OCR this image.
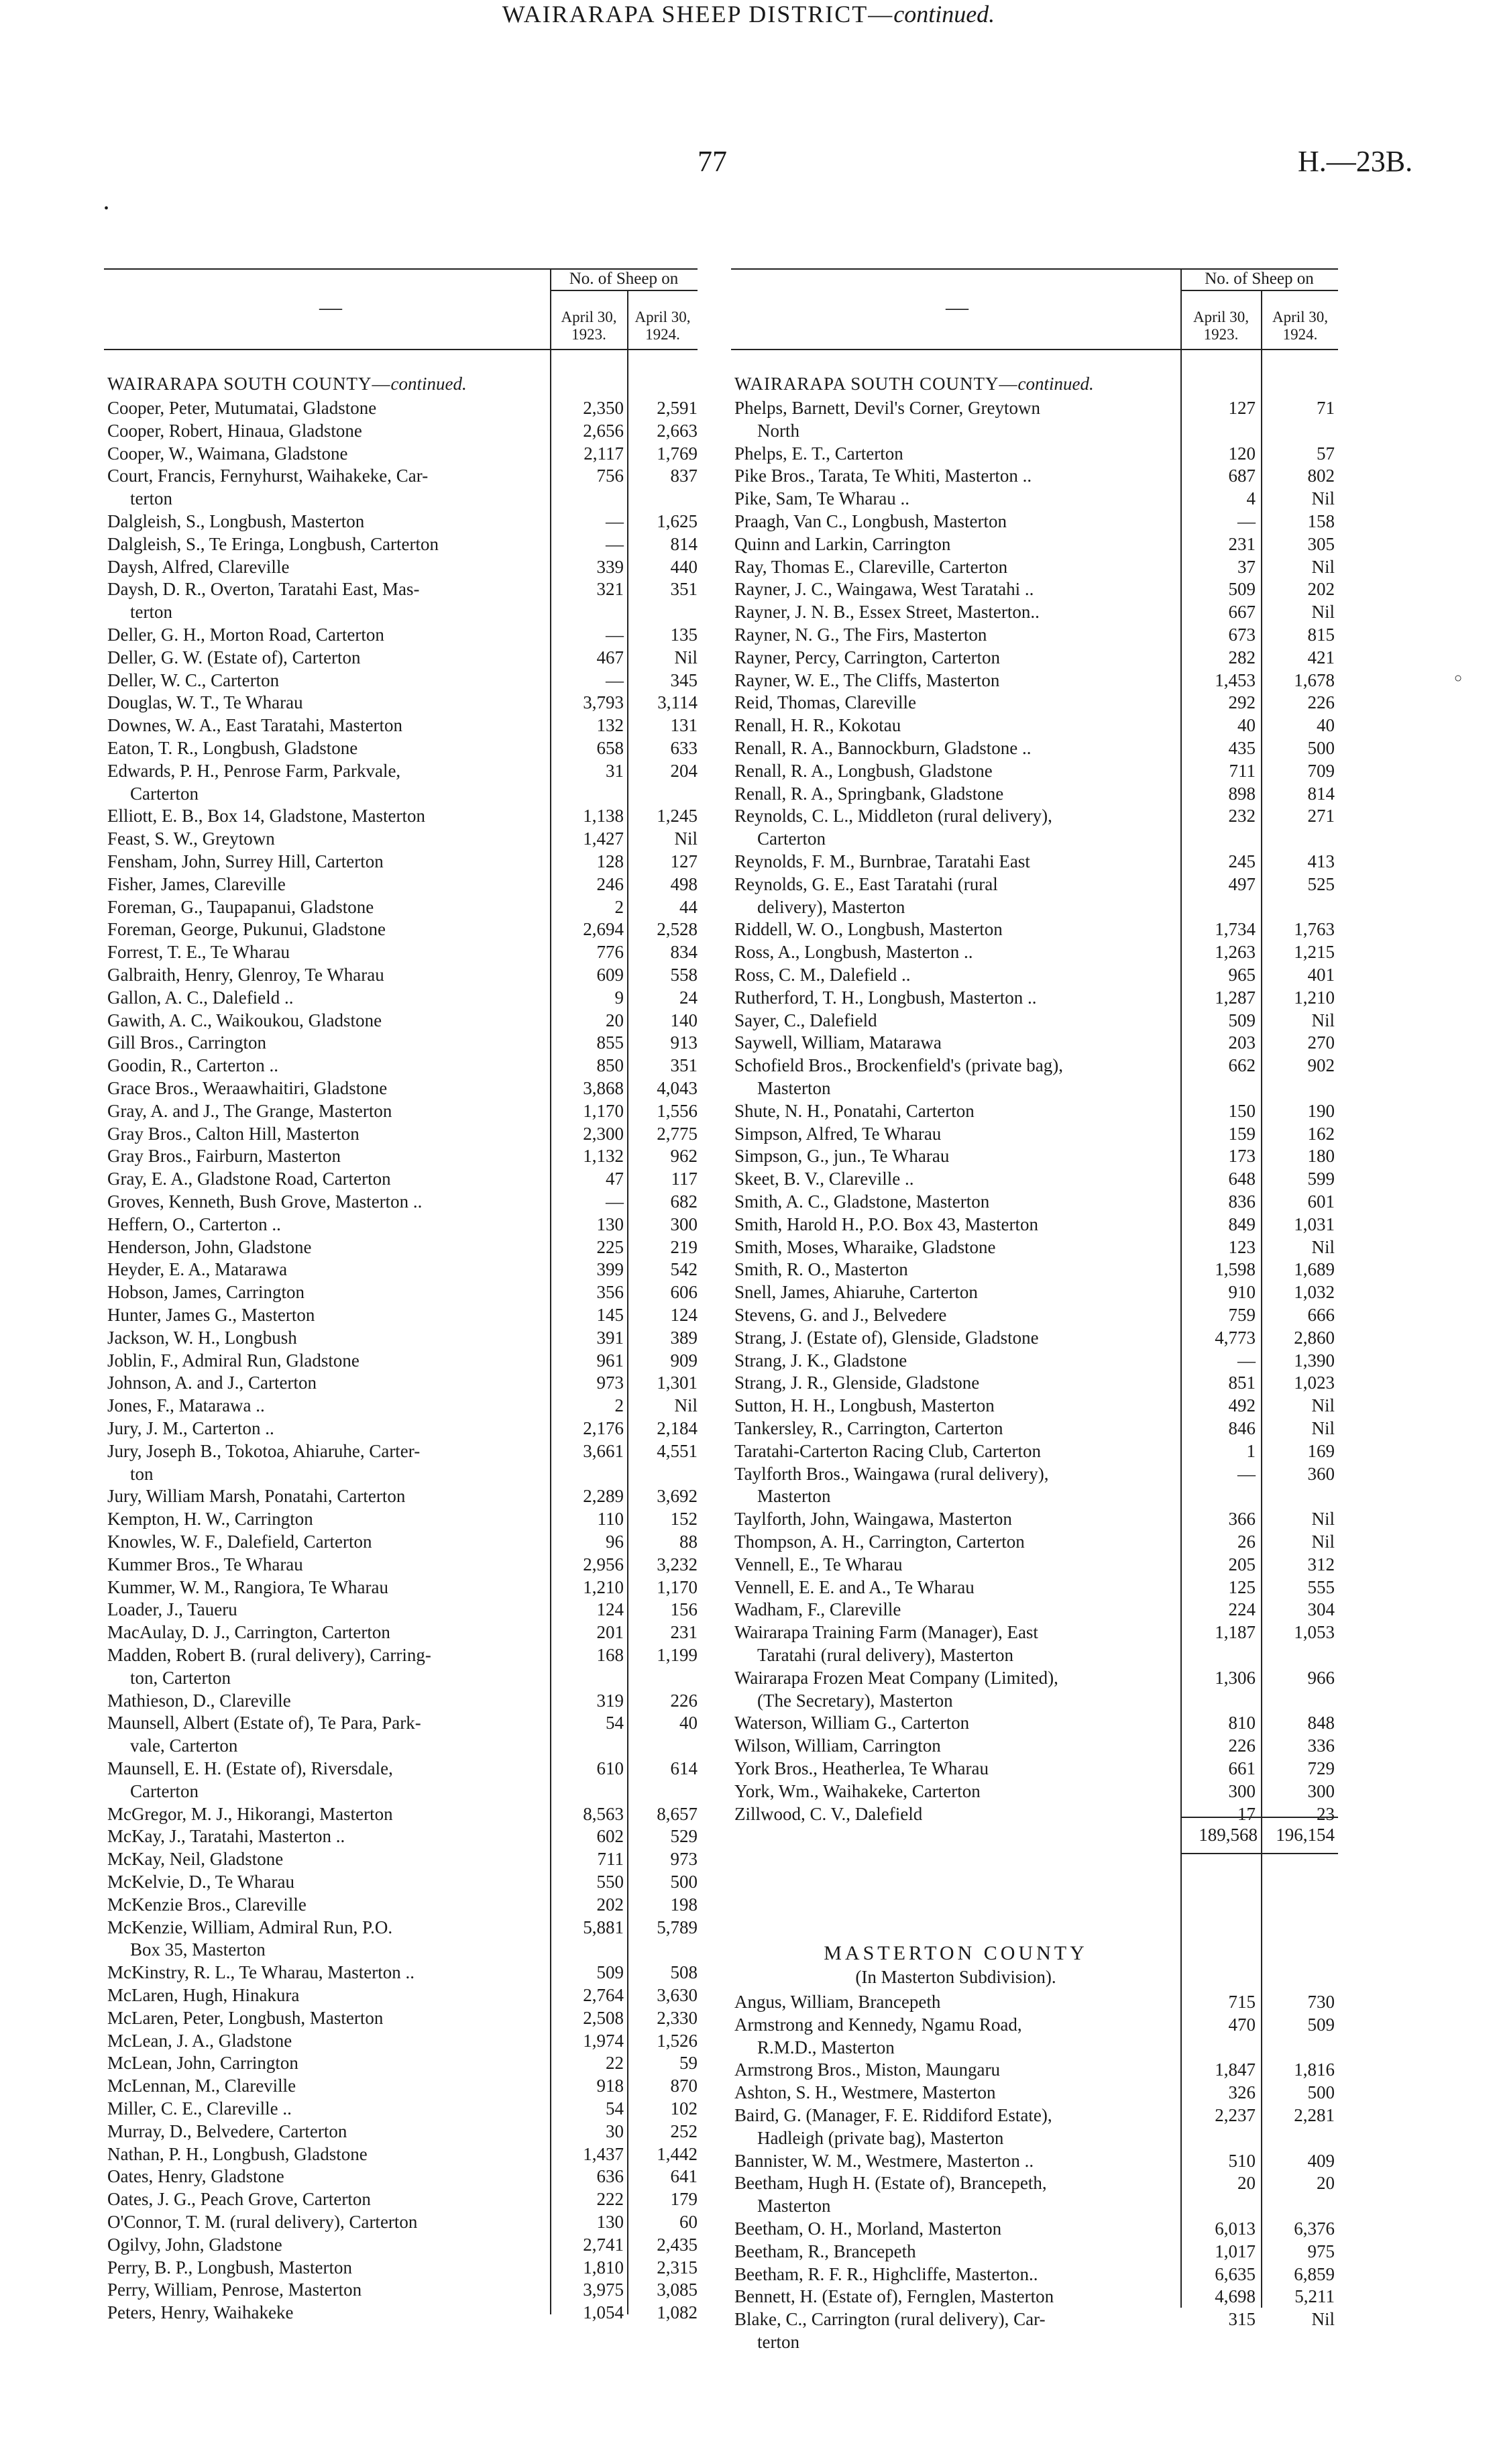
77	H.—23B.
WAIRARAPA SHEEP DISTRICT—continued.
—
No. of Sheep on
April 30, 1923.
April 30, 1924.
—
No. of Sheep on
April 30, 1923.
April 30, 1924.
WAIRARAPA SOUTH COUNTY—continued.	WAIRARAPA SOUTH COUNTY—continued.
Cooper, Peter, Mutumatai, Gladstone	2,350	2,591
Cooper, Robert, Hinaua, Gladstone	2,656	2,663
Cooper, W., Waimana, Gladstone	2,117	1,769
Court, Francis, Fernyhurst, Waihakeke, Car-	756	837
terton
Dalgleish, S., Longbush, Masterton	—	1,625
Dalgleish, S., Te Eringa, Longbush, Carterton	—	814
Daysh, Alfred, Clareville	339	440
Daysh, D. R., Overton, Taratahi East, Mas-	321	351
terton
Deller, G. H., Morton Road, Carterton	—	135
Deller, G. W. (Estate of), Carterton	467	Nil
Deller, W. C., Carterton	—	345
Douglas, W. T., Te Wharau	3,793	3,114
Downes, W. A., East Taratahi, Masterton	132	131
Eaton, T. R., Longbush, Gladstone	658	633
Edwards, P. H., Penrose Farm, Parkvale,	31	204
Carterton
Elliott, E. B., Box 14, Gladstone, Masterton	1,138	1,245
Feast, S. W., Greytown	1,427	Nil
Fensham, John, Surrey Hill, Carterton	128	127
Fisher, James, Clareville	246	498
Foreman, G., Taupapanui, Gladstone	2	44
Foreman, George, Pukunui, Gladstone	2,694	2,528
Forrest, T. E., Te Wharau	776	834
Galbraith, Henry, Glenroy, Te Wharau	609	558
Gallon, A. C., Dalefield ..	9	24
Gawith, A. C., Waikoukou, Gladstone	20	140
Gill Bros., Carrington	855	913
Goodin, R., Carterton ..	850	351
Grace Bros., Weraawhaitiri, Gladstone	3,868	4,043
Gray, A. and J., The Grange, Masterton	1,170	1,556
Gray Bros., Calton Hill, Masterton	2,300	2,775
Gray Bros., Fairburn, Masterton	1,132	962
Gray, E. A., Gladstone Road, Carterton	47	117
Groves, Kenneth, Bush Grove, Masterton ..	—	682
Heffern, O., Carterton ..	130	300
Henderson, John, Gladstone	225	219
Heyder, E. A., Matarawa	399	542
Hobson, James, Carrington	356	606
Hunter, James G., Masterton	145	124
Jackson, W. H., Longbush	391	389
Joblin, F., Admiral Run, Gladstone	961	909
Johnson, A. and J., Carterton	973	1,301
Jones, F., Matarawa ..	2	Nil
Jury, J. M., Carterton ..	2,176	2,184
Jury, Joseph B., Tokotoa, Ahiaruhe, Carter-	3,661	4,551
ton
Jury, William Marsh, Ponatahi, Carterton	2,289	3,692
Kempton, H. W., Carrington	110	152
Knowles, W. F., Dalefield, Carterton	96	88
Kummer Bros., Te Wharau	2,956	3,232
Kummer, W. M., Rangiora, Te Wharau	1,210	1,170
Loader, J., Taueru	124	156
MacAulay, D. J., Carrington, Carterton	201	231
Madden, Robert B. (rural delivery), Carring-	168	1,199
ton, Carterton
Mathieson, D., Clareville	319	226
Maunsell, Albert (Estate of), Te Para, Park-	54	40
vale, Carterton
Maunsell, E. H. (Estate of), Riversdale,	610	614
Carterton
McGregor, M. J., Hikorangi, Masterton	8,563	8,657
McKay, J., Taratahi, Masterton ..	602	529
McKay, Neil, Gladstone	711	973
McKelvie, D., Te Wharau	550	500
McKenzie Bros., Clareville	202	198
McKenzie, William, Admiral Run, P.O.	5,881	5,789
Box 35, Masterton
McKinstry, R. L., Te Wharau, Masterton ..	509	508
McLaren, Hugh, Hinakura	2,764	3,630
McLaren, Peter, Longbush, Masterton	2,508	2,330
McLean, J. A., Gladstone	1,974	1,526
McLean, John, Carrington	22	59
McLennan, M., Clareville	918	870
Miller, C. E., Clareville ..	54	102
Murray, D., Belvedere, Carterton	30	252
Nathan, P. H., Longbush, Gladstone	1,437	1,442
Oates, Henry, Gladstone	636	641
Oates, J. G., Peach Grove, Carterton	222	179
O'Connor, T. M. (rural delivery), Carterton	130	60
Ogilvy, John, Gladstone	2,741	2,435
Perry, B. P., Longbush, Masterton	1,810	2,315
Perry, William, Penrose, Masterton	3,975	3,085
Peters, Henry, Waihakeke	1,054	1,082
Phelps, Barnett, Devil's Corner, Greytown	127	71
North
Phelps, E. T., Carterton	120	57
Pike Bros., Tarata, Te Whiti, Masterton ..	687	802
Pike, Sam, Te Wharau ..	4	Nil
Praagh, Van C., Longbush, Masterton	—	158
Quinn and Larkin, Carrington	231	305
Ray, Thomas E., Clareville, Carterton	37	Nil
Rayner, J. C., Waingawa, West Taratahi ..	509	202
Rayner, J. N. B., Essex Street, Masterton..	667	Nil
Rayner, N. G., The Firs, Masterton	673	815
Rayner, Percy, Carrington, Carterton	282	421
Rayner, W. E., The Cliffs, Masterton	1,453	1,678
Reid, Thomas, Clareville	292	226
Renall, H. R., Kokotau	40	40
Renall, R. A., Bannockburn, Gladstone ..	435	500
Renall, R. A., Longbush, Gladstone	711	709
Renall, R. A., Springbank, Gladstone	898	814
Reynolds, C. L., Middleton (rural delivery),	232	271
Carterton
Reynolds, F. M., Burnbrae, Taratahi East	245	413
Reynolds, G. E., East Taratahi (rural	497	525
delivery), Masterton
Riddell, W. O., Longbush, Masterton	1,734	1,763
Ross, A., Longbush, Masterton ..	1,263	1,215
Ross, C. M., Dalefield ..	965	401
Rutherford, T. H., Longbush, Masterton ..	1,287	1,210
Sayer, C., Dalefield	509	Nil
Saywell, William, Matarawa	203	270
Schofield Bros., Brockenfield's (private bag),	662	902
Masterton
Shute, N. H., Ponatahi, Carterton	150	190
Simpson, Alfred, Te Wharau	159	162
Simpson, G., jun., Te Wharau	173	180
Skeet, B. V., Clareville ..	648	599
Smith, A. C., Gladstone, Masterton	836	601
Smith, Harold H., P.O. Box 43, Masterton	849	1,031
Smith, Moses, Wharaike, Gladstone	123	Nil
Smith, R. O., Masterton	1,598	1,689
Snell, James, Ahiaruhe, Carterton	910	1,032
Stevens, G. and J., Belvedere	759	666
Strang, J. (Estate of), Glenside, Gladstone	4,773	2,860
Strang, J. K., Gladstone	—	1,390
Strang, J. R., Glenside, Gladstone	851	1,023
Sutton, H. H., Longbush, Masterton	492	Nil
Tankersley, R., Carrington, Carterton	846	Nil
Taratahi-Carterton Racing Club, Carterton	1	169
Taylforth Bros., Waingawa (rural delivery),	—	360
Masterton
Taylforth, John, Waingawa, Masterton	366	Nil
Thompson, A. H., Carrington, Carterton	26	Nil
Vennell, E., Te Wharau	205	312
Vennell, E. E. and A., Te Wharau	125	555
Wadham, F., Clareville	224	304
Wairarapa Training Farm (Manager), East	1,187	1,053
Taratahi (rural delivery), Masterton
Wairarapa Frozen Meat Company (Limited),	1,306	966
(The Secretary), Masterton
Waterson, William G., Carterton	810	848
Wilson, William, Carrington	226	336
York Bros., Heatherlea, Te Wharau	661	729
York, Wm., Waihakeke, Carterton	300	300
Zillwood, C. V., Dalefield	17	23
189,568	196,154
MASTERTON COUNTY
(In Masterton Subdivision).
Angus, William, Brancepeth	715	730
Armstrong and Kennedy, Ngamu Road,	470	509
R.M.D., Masterton
Armstrong Bros., Miston, Maungaru	1,847	1,816
Ashton, S. H., Westmere, Masterton	326	500
Baird, G. (Manager, F. E. Riddiford Estate),	2,237	2,281
Hadleigh (private bag), Masterton
Bannister, W. M., Westmere, Masterton ..	510	409
Beetham, Hugh H. (Estate of), Brancepeth,	20	20
Masterton
Beetham, O. H., Morland, Masterton	6,013	6,376
Beetham, R., Brancepeth	1,017	975
Beetham, R. F. R., Highcliffe, Masterton..	6,635	6,859
Bennett, H. (Estate of), Fernglen, Masterton	4,698	5,211
Blake, C., Carrington (rural delivery), Car-	315	Nil
terton
•
○
